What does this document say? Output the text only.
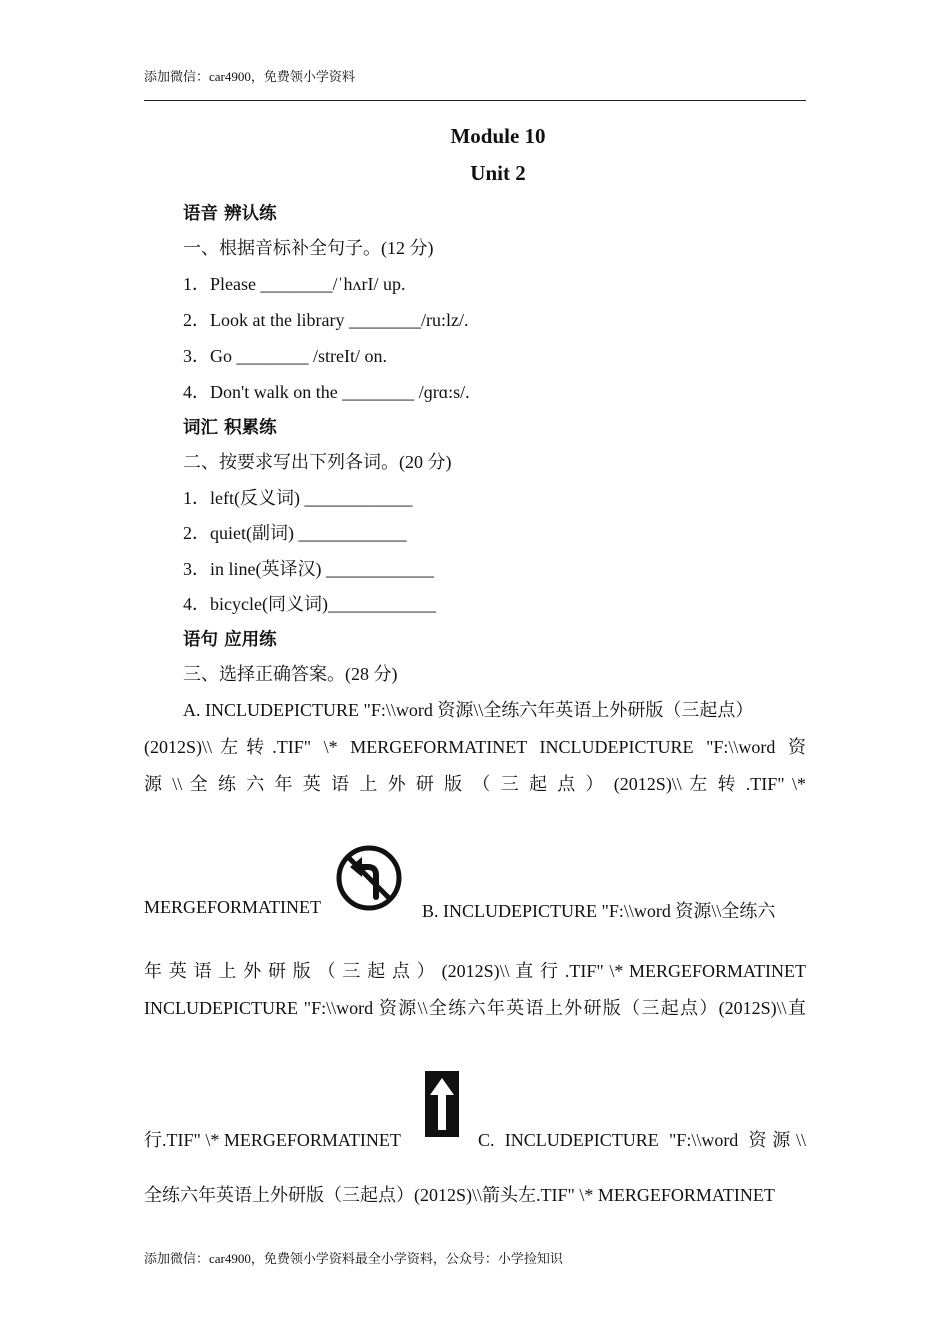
添加微信：car4900，免费领小学资料
Module 10
Unit 2
语音 辨认练
一、根据音标补全句子。(12 分)
1．Please ________/ˈhʌrI/ up.
2．Look at the library ________/ru:lz/.
3．Go ________ /streIt/ on.
4．Don't walk on the ________ /ɡrɑ:s/.
词汇 积累练
二、按要求写出下列各词。(20 分)
1．left(反义词) ____________
2．quiet(副词) ____________
3．in line(英译汉) ____________
4．bicycle(同义词)____________
语句 应用练
三、选择正确答案。(28 分)
A. INCLUDEPICTURE "F:\\word 资源\\全练六年英语上外研版（三起点）
(2012S)\\左转.TIF" \* MERGEFORMATINET INCLUDEPICTURE "F:\\word 资
源 \\ 全 练 六 年 英 语 上 外 研 版 （ 三 起 点 ） (2012S)\\ 左 转 .TIF" \*
MERGEFORMATINET	B. INCLUDEPICTURE "F:\\word 资源\\全练六
年 英 语 上 外 研 版 （ 三 起 点 ） (2012S)\\ 直 行 .TIF" \* MERGEFORMATINET
INCLUDEPICTURE "F:\\word 资源\\全练六年英语上外研版（三起点）(2012S)\\直
行.TIF" \* MERGEFORMATINET	C. INCLUDEPICTURE "F:\\word 资源\\
全练六年英语上外研版（三起点）(2012S)\\箭头左.TIF" \* MERGEFORMATINET
添加微信：car4900，免费领小学资料最全小学资料，公众号：小学捡知识
